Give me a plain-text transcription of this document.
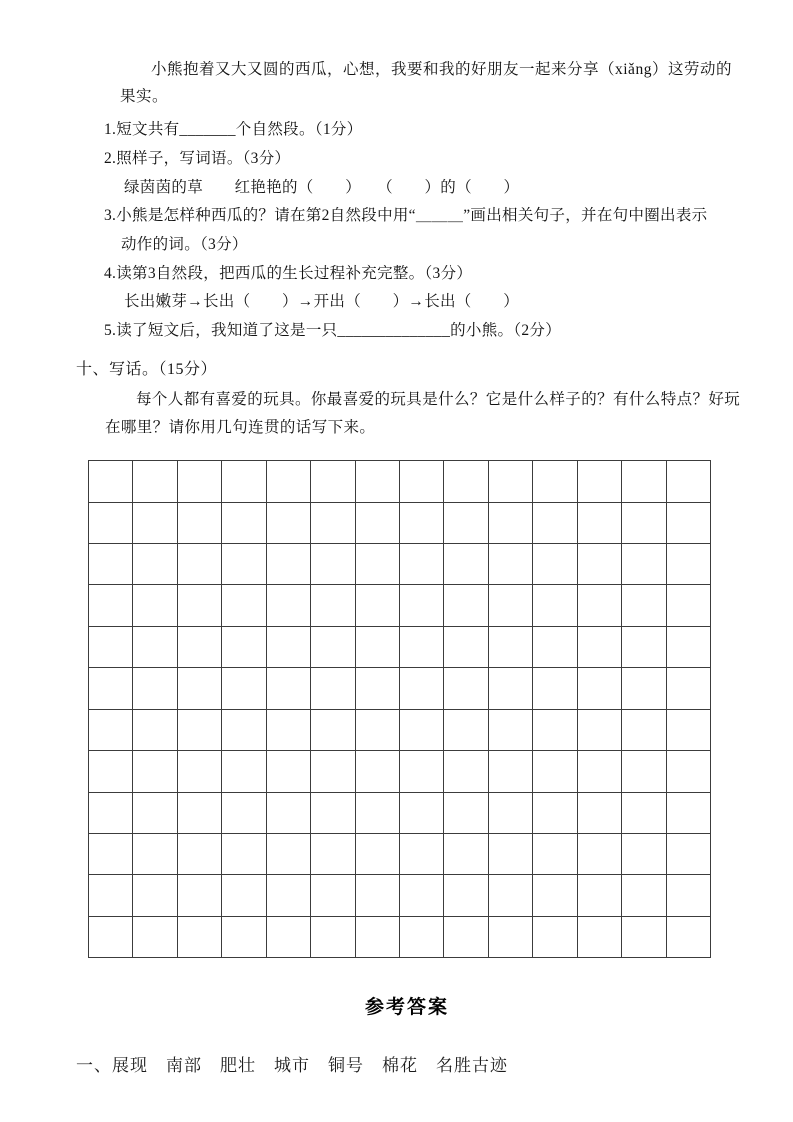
小熊抱着又大又圆的西瓜，心想，我要和我的好朋友一起来分享（xiǎng）这劳动的果实。

1.短文共有_______个自然段。（1分）

2.照样子，写词语。（3分）

绿茵茵的草　　红艳艳的（　　）　　（　　）的（　　）

3.小熊是怎样种西瓜的？请在第2自然段中用“＿＿＿”画出相关句子，并在句中圈出表示动作的词。（3分）

4.读第3自然段，把西瓜的生长过程补充完整。（3分）

长出嫩芽→长出（　　）→开出（　　）→长出（　　）

5.读了短文后，我知道了这是一只______________的小熊。（2分）

十、写话。（15分）

每个人都有喜爱的玩具。你最喜爱的玩具是什么？它是什么样子的？有什么特点？好玩在哪里？请你用几句连贯的话写下来。

参考答案

一、展现　南部　肥壮　城市　铜号　棉花　名胜古迹
